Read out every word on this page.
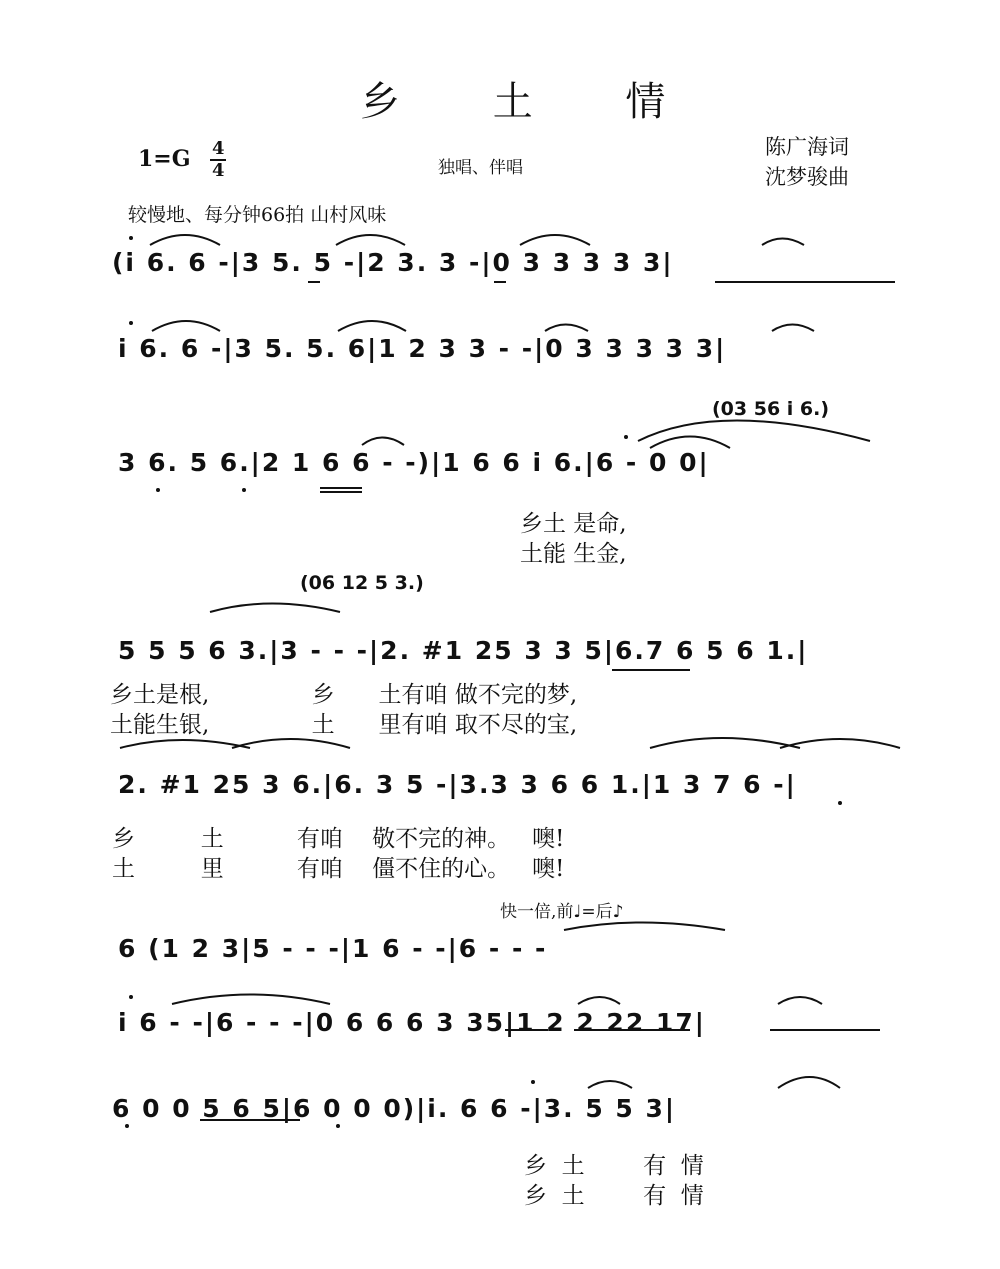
乡 土 情
$1=G \frac{4}{4}$	独唱、伴唱
陈广海词
沈梦骏曲
较慢地、每分钟66拍 山村风味
(i 6. 6 -|3 5. 5 -|2 3. 3 -|0 3 3 3 3 3|
i 6. 6 -|3 5. 5. 6|1 2 3 3 - -|0 3 3 3 3 3|
(03 56 i 6.)
3 6. 5 6.|2 1 6 6 - -)|1 6 6 i 6.|6 - 0 0|
乡土 是命,
土能 生金,
(06 12 5 3.)
5 5 5 6 3.|3 - - -|2. #1 25 3 3 5|6.7 6 5 6 1.|
乡土是根,              乡      土有咱 做不完的梦,
土能生银,              土      里有咱 取不尽的宝,
2. #1 25 3 6.|6. 3 5 -|3.3 3 6 6 1.|1 3 7 6 -|
乡         土          有咱    敬不完的神。   噢!
土         里          有咱    僵不住的心。   噢!
快一倍,前♩=后♪
6 (1 2 3|5 - - -|1 6 - -|6 - - -
i 6 - -|6 - - -|0 6 6 6 3 35|1 2 2 22 17|
6 0 0 5 6 5|6 0 0 0)|i. 6 6 -|3. 5 5 3|
乡  土        有  情
乡  土        有  情
